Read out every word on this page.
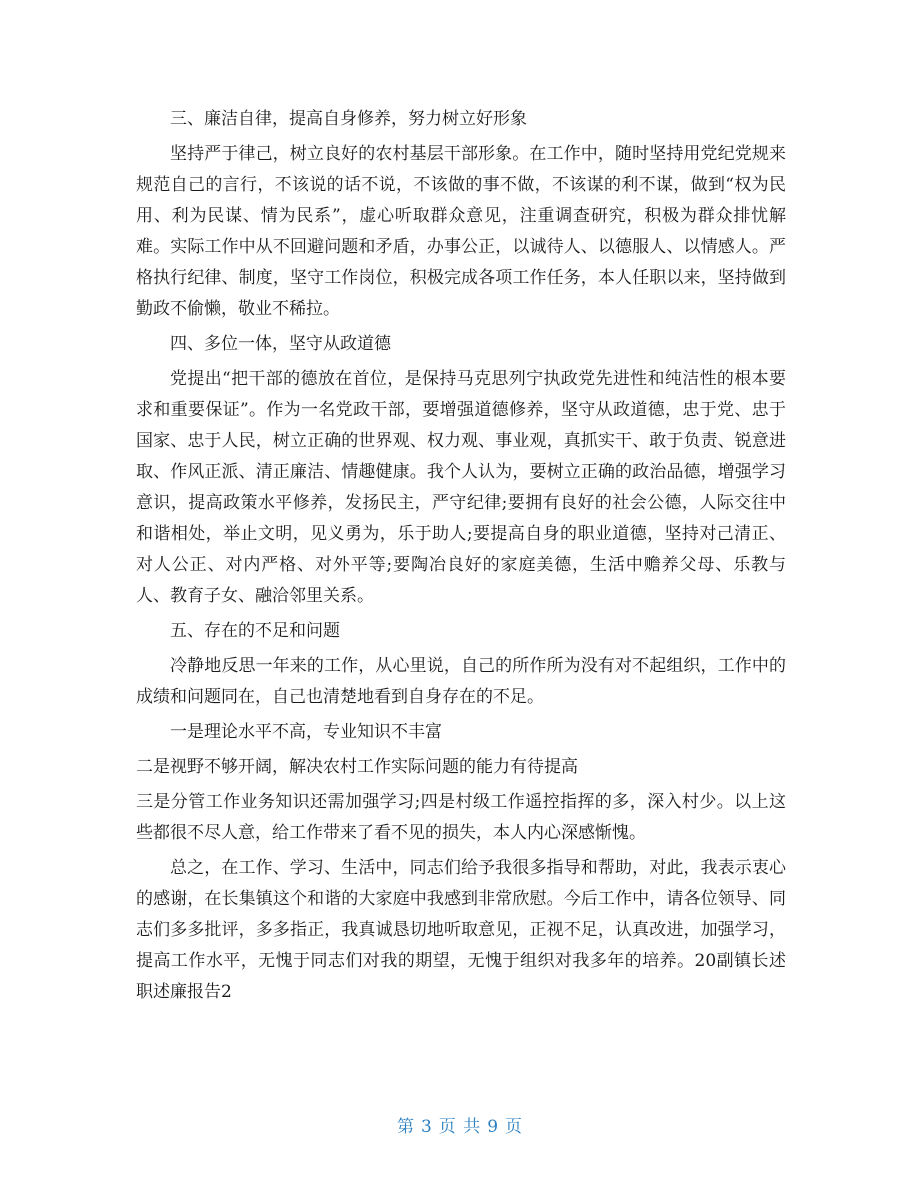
三、廉洁自律，提高自身修养，努力树立好形象

坚持严于律己，树立良好的农村基层干部形象。在工作中，随时坚持用党纪党规来规范自己的言行，不该说的话不说，不该做的事不做，不该谋的利不谋，做到“权为民用、利为民谋、情为民系”，虚心听取群众意见，注重调查研究，积极为群众排忧解难。实际工作中从不回避问题和矛盾，办事公正，以诚待人、以德服人、以情感人。严格执行纪律、制度，坚守工作岗位，积极完成各项工作任务，本人任职以来，坚持做到勤政不偷懒，敬业不稀拉。

四、多位一体，坚守从政道德

党提出“把干部的德放在首位，是保持马克思列宁执政党先进性和纯洁性的根本要求和重要保证”。作为一名党政干部，要增强道德修养，坚守从政道德，忠于党、忠于国家、忠于人民，树立正确的世界观、权力观、事业观，真抓实干、敢于负责、锐意进取、作风正派、清正廉洁、情趣健康。我个人认为，要树立正确的政治品德，增强学习意识，提高政策水平修养，发扬民主，严守纪律;要拥有良好的社会公德，人际交往中和谐相处，举止文明，见义勇为，乐于助人;要提高自身的职业道德，坚持对己清正、对人公正、对内严格、对外平等;要陶冶良好的家庭美德，生活中赡养父母、乐教与人、教育子女、融洽邻里关系。

五、存在的不足和问题

冷静地反思一年来的工作，从心里说，自己的所作所为没有对不起组织，工作中的成绩和问题同在，自己也清楚地看到自身存在的不足。

一是理论水平不高，专业知识不丰富

二是视野不够开阔，解决农村工作实际问题的能力有待提高

三是分管工作业务知识还需加强学习;四是村级工作遥控指挥的多，深入村少。以上这些都很不尽人意，给工作带来了看不见的损失，本人内心深感惭愧。

总之，在工作、学习、生活中，同志们给予我很多指导和帮助，对此，我表示衷心的感谢，在长集镇这个和谐的大家庭中我感到非常欣慰。今后工作中，请各位领导、同志们多多批评，多多指正，我真诚恳切地听取意见，正视不足，认真改进，加强学习，提高工作水平，无愧于同志们对我的期望，无愧于组织对我多年的培养。20副镇长述职述廉报告2

第 3 页 共 9 页
